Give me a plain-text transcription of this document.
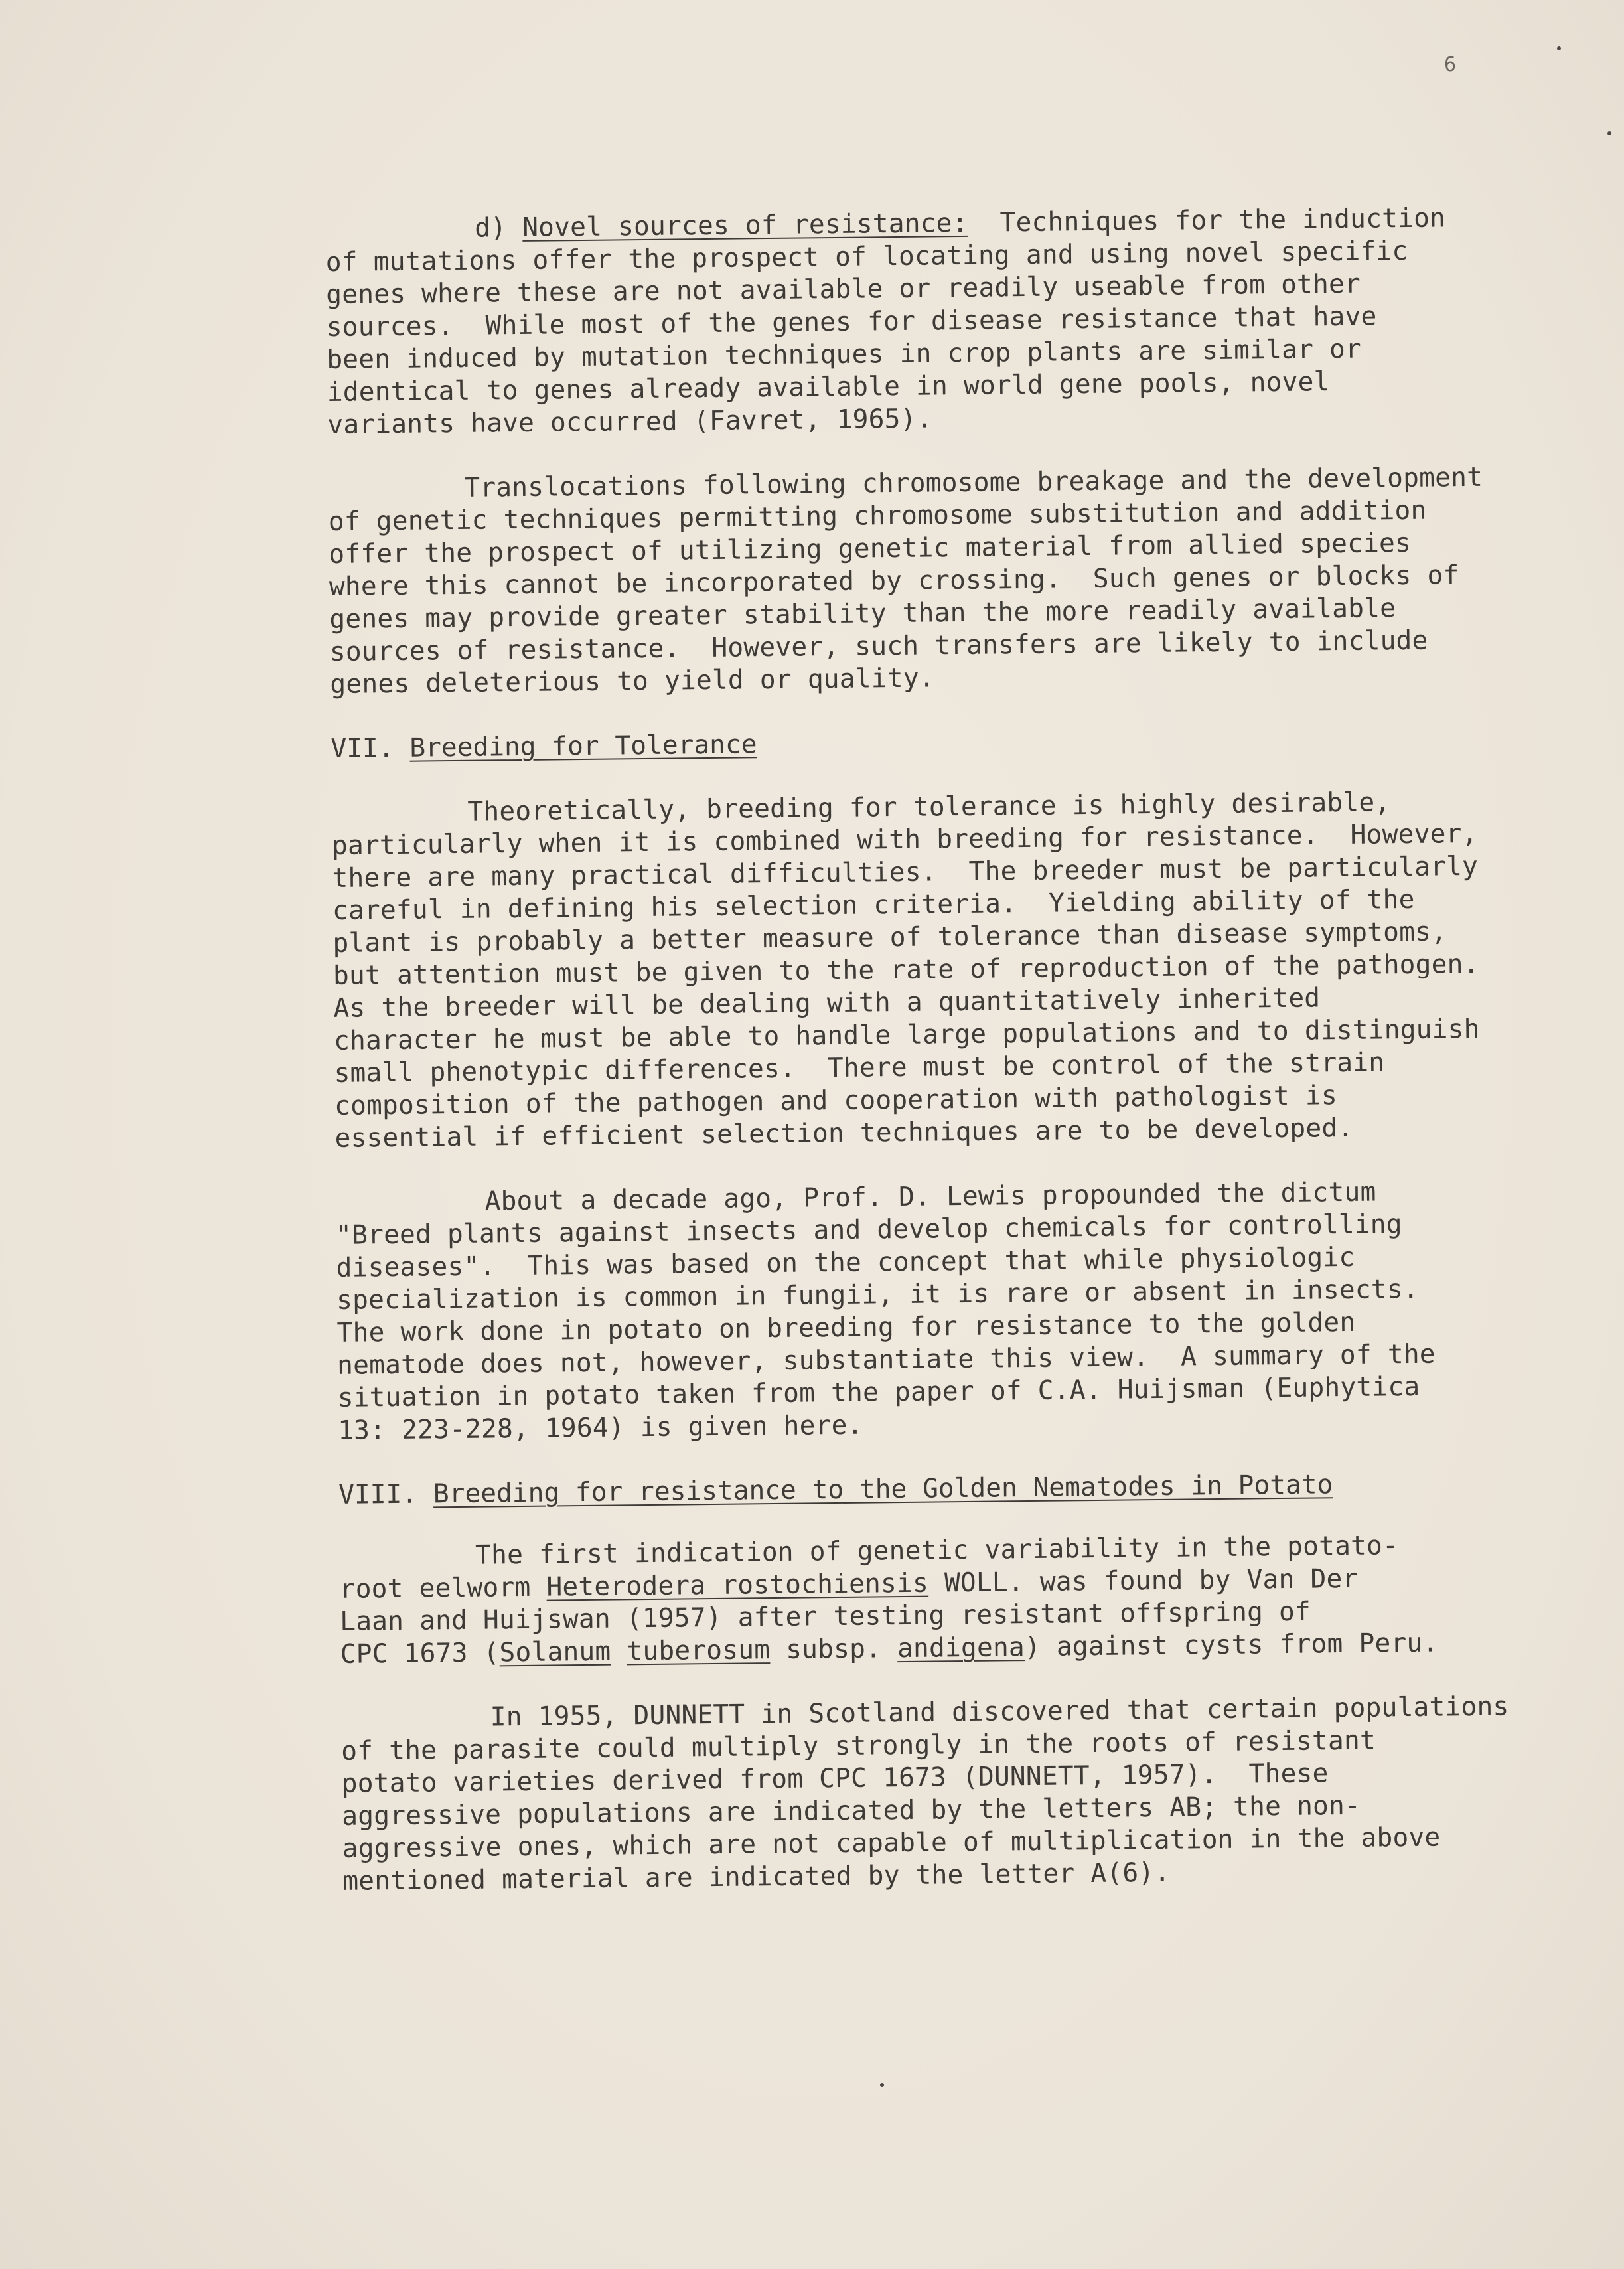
6

d) Novel sources of resistance:  Techniques for the induction

of mutations offer the prospect of locating and using novel specific

genes where these are not available or readily useable from other

sources.  While most of the genes for disease resistance that have

been induced by mutation techniques in crop plants are similar or

identical to genes already available in world gene pools, novel

variants have occurred (Favret, 1965).

Translocations following chromosome breakage and the development

of genetic techniques permitting chromosome substitution and addition

offer the prospect of utilizing genetic material from allied species

where this cannot be incorporated by crossing.  Such genes or blocks of

genes may provide greater stability than the more readily available

sources of resistance.  However, such transfers are likely to include

genes deleterious to yield or quality.

VII. Breeding for Tolerance

Theoretically, breeding for tolerance is highly desirable,

particularly when it is combined with breeding for resistance.  However,

there are many practical difficulties.  The breeder must be particularly

careful in defining his selection criteria.  Yielding ability of the

plant is probably a better measure of tolerance than disease symptoms,

but attention must be given to the rate of reproduction of the pathogen.

As the breeder will be dealing with a quantitatively inherited

character he must be able to handle large populations and to distinguish

small phenotypic differences.  There must be control of the strain

composition of the pathogen and cooperation with pathologist is

essential if efficient selection techniques are to be developed.

About a decade ago, Prof. D. Lewis propounded the dictum

"Breed plants against insects and develop chemicals for controlling

diseases".  This was based on the concept that while physiologic

specialization is common in fungii, it is rare or absent in insects.

The work done in potato on breeding for resistance to the golden

nematode does not, however, substantiate this view.  A summary of the

situation in potato taken from the paper of C.A. Huijsman (Euphytica

13: 223-228, 1964) is given here.

VIII. Breeding for resistance to the Golden Nematodes in Potato

The first indication of genetic variability in the potato-

root eelworm Heterodera rostochiensis WOLL. was found by Van Der

Laan and Huijswan (1957) after testing resistant offspring of

CPC 1673 (Solanum tuberosum subsp. andigena) against cysts from Peru.

In 1955, DUNNETT in Scotland discovered that certain populations

of the parasite could multiply strongly in the roots of resistant

potato varieties derived from CPC 1673 (DUNNETT, 1957).  These

aggressive populations are indicated by the letters AB; the non-

aggressive ones, which are not capable of multiplication in the above

mentioned material are indicated by the letter A(6).
